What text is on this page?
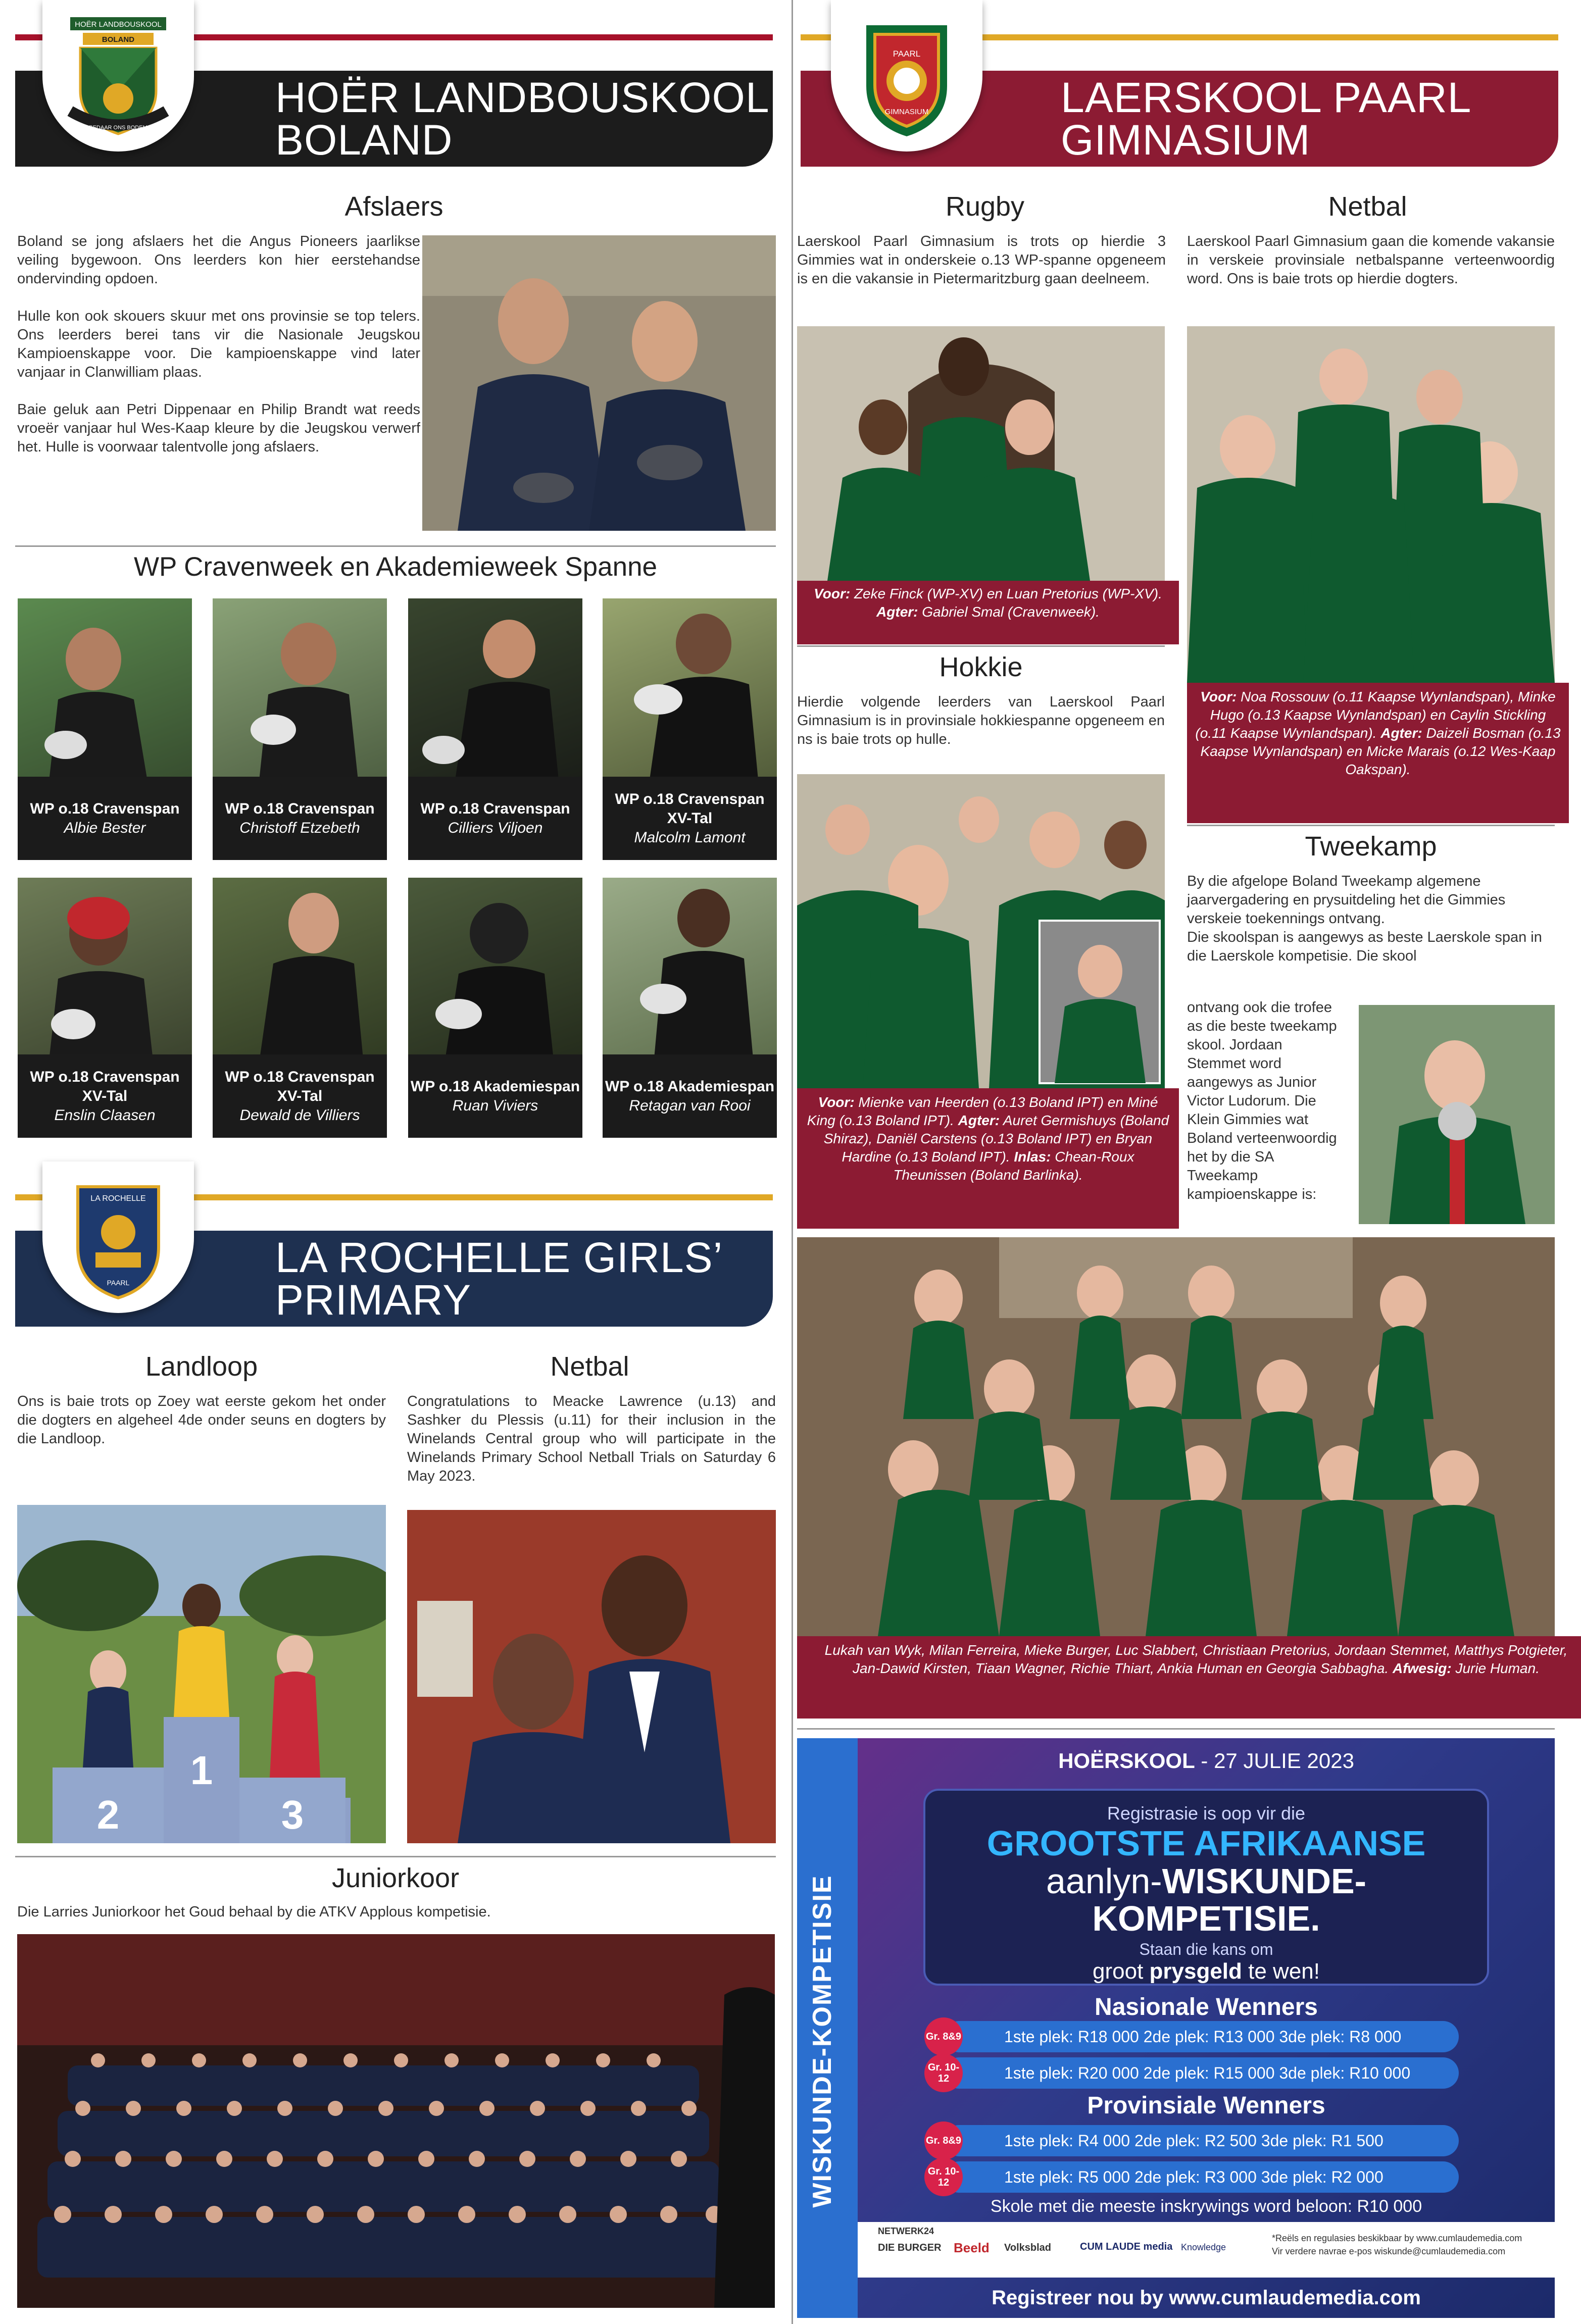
HOËR LANDBOUSKOOL
BOLAND
HOËR LANDBOUSKOOL
BOLAND
BEDAAR ONS BODEM
Afslaers

Boland se jong afslaers het die Angus Pioneers jaarlikse veiling bygewoon. Ons leerders kon hier eerstehandse ondervinding opdoen.

Hulle kon ook skouers skuur met ons provinsie se top telers. Ons leerders berei tans vir die Nasionale Jeugskou Kampioenskappe voor. Die kampioenskappe vind later vanjaar in Clanwilliam plaas.

Baie geluk aan Petri Dippenaar en Philip Brandt wat reeds vroeër vanjaar hul Wes-Kaap kleure by die Jeugskou verwerf het. Hulle is voorwaar talentvolle jong afslaers.

WP Cravenweek en Akademieweek Spanne
WP o.18 Cravenspan
Albie Bester
WP o.18 Cravenspan
Christoff Etzebeth
WP o.18 Cravenspan
Cilliers Viljoen
WP o.18 Cravenspan XV-Tal
Malcolm Lamont
WP o.18 Cravenspan XV-Tal
Enslin Claasen
WP o.18 Cravenspan XV-Tal
Dewald de Villiers
WP o.18 Akademiespan
Ruan Viviers
WP o.18 Akademiespan
Retagan van Rooi
LAERSKOOL PAARL
GIMNASIUM
PAARL
GIMNASIUM
Rugby
Laerskool Paarl Gimnasium is trots op hierdie 3 Gimmies wat in onderskeie o.13 WP-spanne opgeneem is en die vakansie in Pietermaritzburg gaan deelneem.
Voor: Zeke Finck (WP-XV) en Luan Pretorius (WP-XV). Agter: Gabriel Smal (Cravenweek).
Hokkie
Hierdie volgende leerders van Laerskool Paarl Gimnasium is in provinsiale hokkiespanne opgeneem en ns is baie trots op hulle.
Voor: Mienke van Heerden (o.13 Boland IPT) en Miné King (o.13 Boland IPT). Agter: Auret Germishuys (Boland Shiraz), Daniël Carstens (o.13 Boland IPT) en Bryan Hardine (o.13 Boland IPT). Inlas: Chean-Roux Theunissen (Boland Barlinka).
Netbal
Laerskool Paarl Gimnasium gaan die komende vakansie in verskeie provinsiale netbalspanne verteenwoordig word. Ons is baie trots op hierdie dogters.
Voor: Noa Rossouw (o.11 Kaapse Wynlandspan), Minke Hugo (o.13 Kaapse Wynlandspan) en Caylin Stickling (o.11 Kaapse Wynlandspan). Agter: Daizeli Bosman (o.13 Kaapse Wynlandspan) en Micke Marais (o.12 Wes-Kaap Oakspan).
Tweekamp
By die afgelope Boland Tweekamp algemene jaarvergadering en prysuitdeling het die Gimmies verskeie toekennings ontvang.
Die skoolspan is aangewys as beste Laerskole span in die Laerskole kompetisie. Die skool
ontvang ook die trofee as die beste tweekamp skool. Jordaan Stemmet word aangewys as Junior Victor Ludorum. Die Klein Gimmies wat Boland verteenwoordig het by die SA Tweekamp kampioenskappe is:
Lukah van Wyk, Milan Ferreira, Mieke Burger, Luc Slabbert, Christiaan Pretorius, Jordaan Stemmet, Matthys Potgieter, Jan-Dawid Kirsten, Tiaan Wagner, Richie Thiart, Ankia Human en Georgia Sabbagha. Afwesig: Jurie Human.
LA ROCHELLE GIRLS’
PRIMARY
LA ROCHELLE
PAARL
Landloop
Ons is baie trots op Zoey wat eerste gekom het onder die dogters en algeheel 4de onder seuns en dogters by die Landloop.
1
2	3
Netbal
Congratulations to Meacke Lawrence (u.13) and Sashker du Plessis (u.11) for their inclusion in the Winelands Central group who will participate in the Winelands Primary School Netball Trials on Saturday 6 May 2023.
Juniorkoor
Die Larries Juniorkoor het Goud behaal by die ATKV Applous kompetisie.	WISKUNDE-KOMPETISIE
HOËRSKOOL - 27 JULIE 2023
Registrasie is oop vir die
GROOTSTE AFRIKAANSE
aanlyn-WISKUNDE-
KOMPETISIE.
Staan die kans om
groot prysgeld te wen!
Nasionale Wenners
1ste plek: R18 000 2de plek: R13 000 3de plek: R8 000
Gr. 8&9
1ste plek: R20 000 2de plek: R15 000 3de plek: R10 000
Gr. 10-12
Provinsiale Wenners
1ste plek: R4 000 2de plek: R2 500 3de plek: R1 500
Gr. 8&9
1ste plek: R5 000 2de plek: R3 000 3de plek: R2 000
Gr. 10-12
Skole met die meeste inskrywings word beloon: R10 000
NETWERK24
DIE BURGER Beeld Volksblad	CUM LAUDE media Knowledge
*Reëls en regulasies beskikbaar by www.cumlaudemedia.com
Vir verdere navrae e-pos wiskunde@cumlaudemedia.com
Registreer nou by www.cumlaudemedia.com
